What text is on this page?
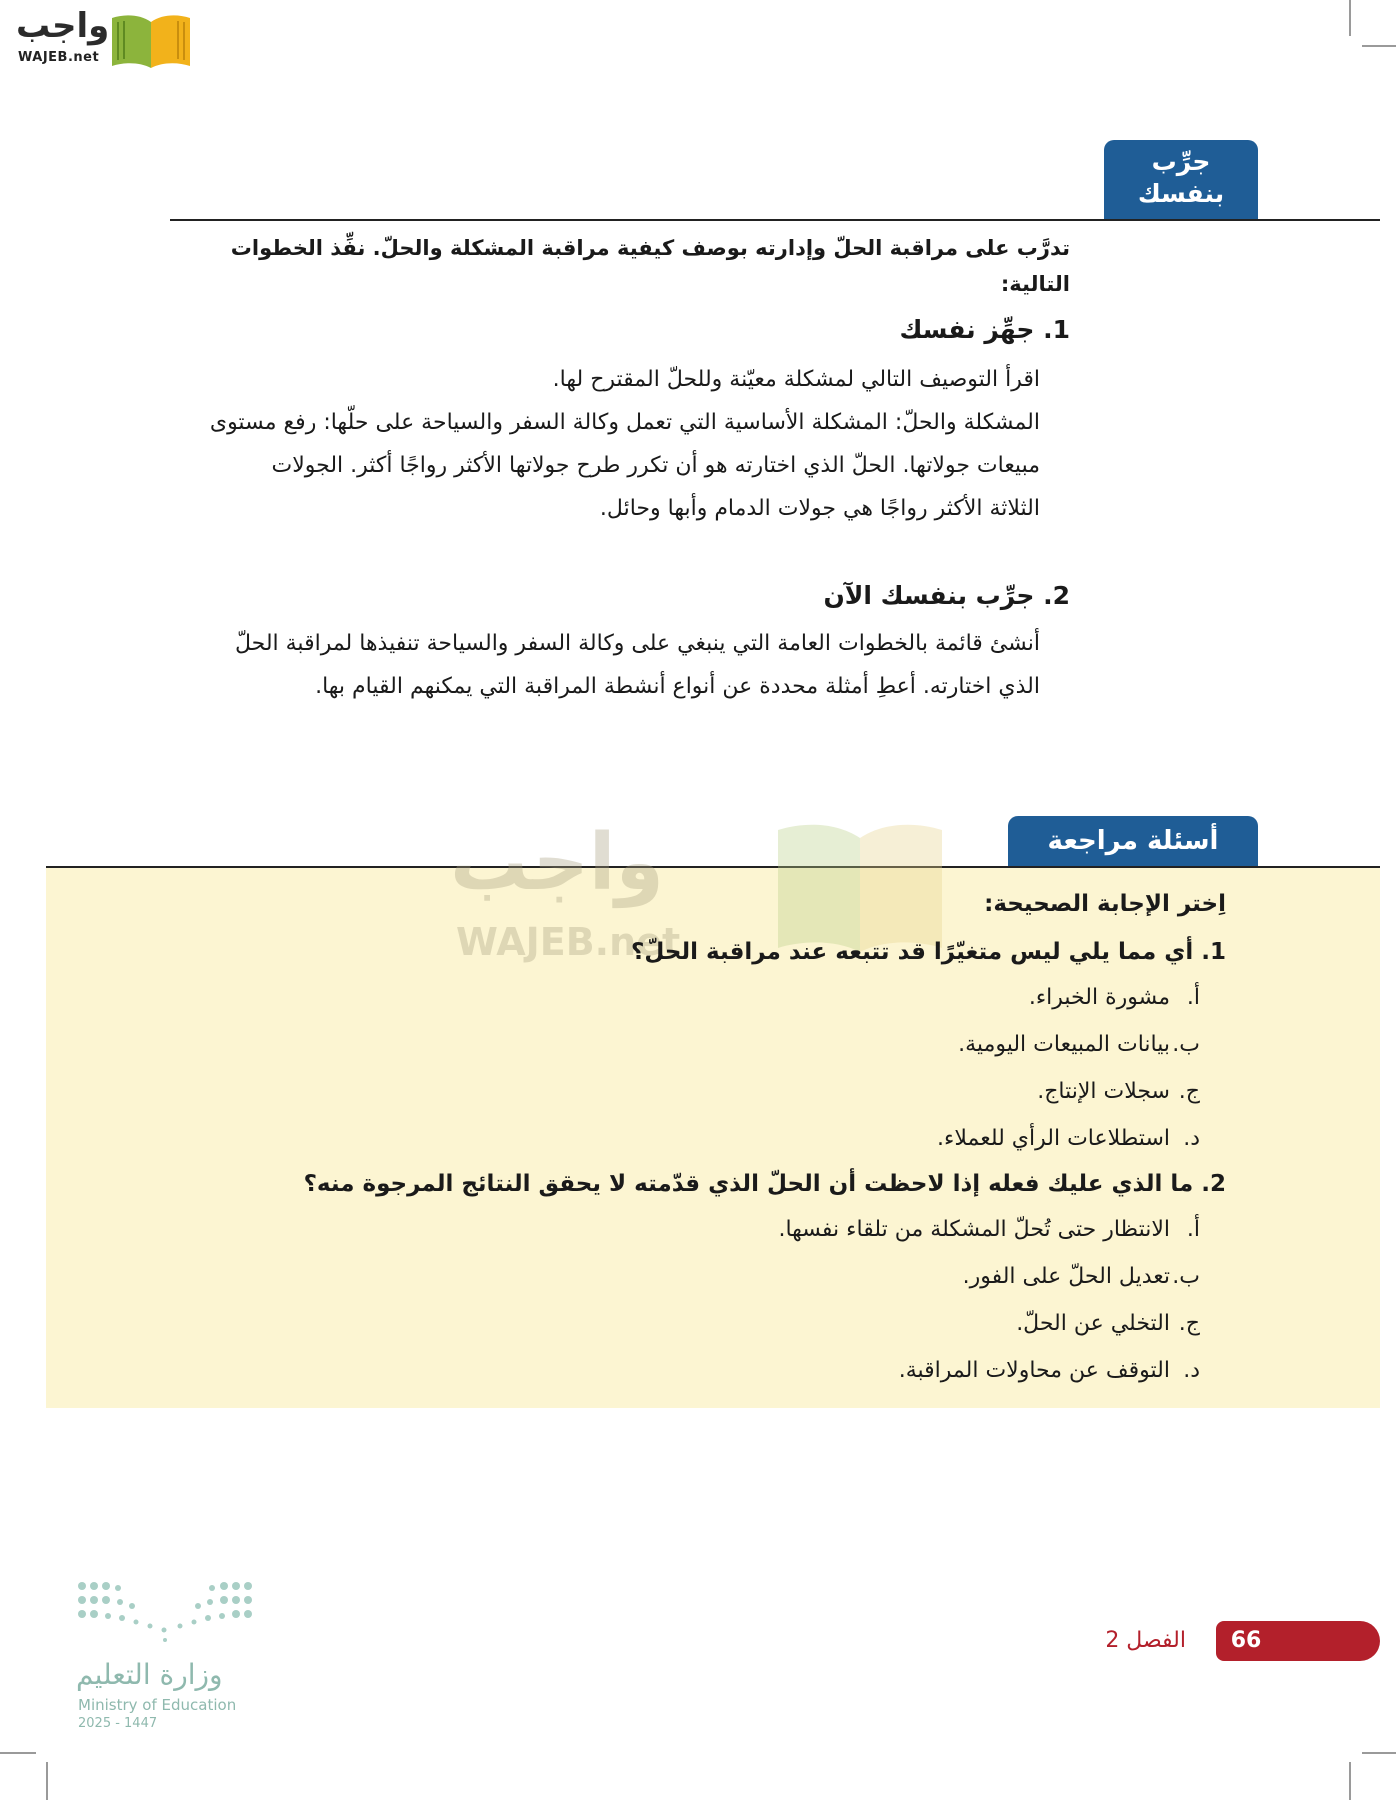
واجب
WAJEB.net
جرِّب
بنفسك
تدرَّب على مراقبة الحلّ وإدارته بوصف كيفية مراقبة المشكلة والحلّ. نفِّذ الخطوات التالية:
1. جهِّز نفسك
اقرأ التوصيف التالي لمشكلة معيّنة وللحلّ المقترح لها.
المشكلة والحلّ: المشكلة الأساسية التي تعمل وكالة السفر والسياحة على حلّها: رفع مستوى
مبيعات جولاتها. الحلّ الذي اختارته هو أن تكرر طرح جولاتها الأكثر رواجًا أكثر. الجولات
الثلاثة الأكثر رواجًا هي جولات الدمام وأبها وحائل.
2. جرِّب بنفسك الآن
أنشئ قائمة بالخطوات العامة التي ينبغي على وكالة السفر والسياحة تنفيذها لمراقبة الحلّ
الذي اختارته. أعطِ أمثلة محددة عن أنواع أنشطة المراقبة التي يمكنهم القيام بها.
أسئلة مراجعة
واجب
WAJEB.net
اِختر الإجابة الصحيحة:
1. أي مما يلي ليس متغيّرًا قد تتبعه عند مراقبة الحلّ؟
أ.مشورة الخبراء.
ب.بيانات المبيعات اليومية.
ج.سجلات الإنتاج.
د.استطلاعات الرأي للعملاء.
2. ما الذي عليك فعله إذا لاحظت أن الحلّ الذي قدّمته لا يحقق النتائج المرجوة منه؟
أ.الانتظار حتى تُحلّ المشكلة من تلقاء نفسها.
ب.تعديل الحلّ على الفور.
ج.التخلي عن الحلّ.
د.التوقف عن محاولات المراقبة.
وزارة التعليم
Ministry of Education
2025 - 1447
الفصل 2	66
